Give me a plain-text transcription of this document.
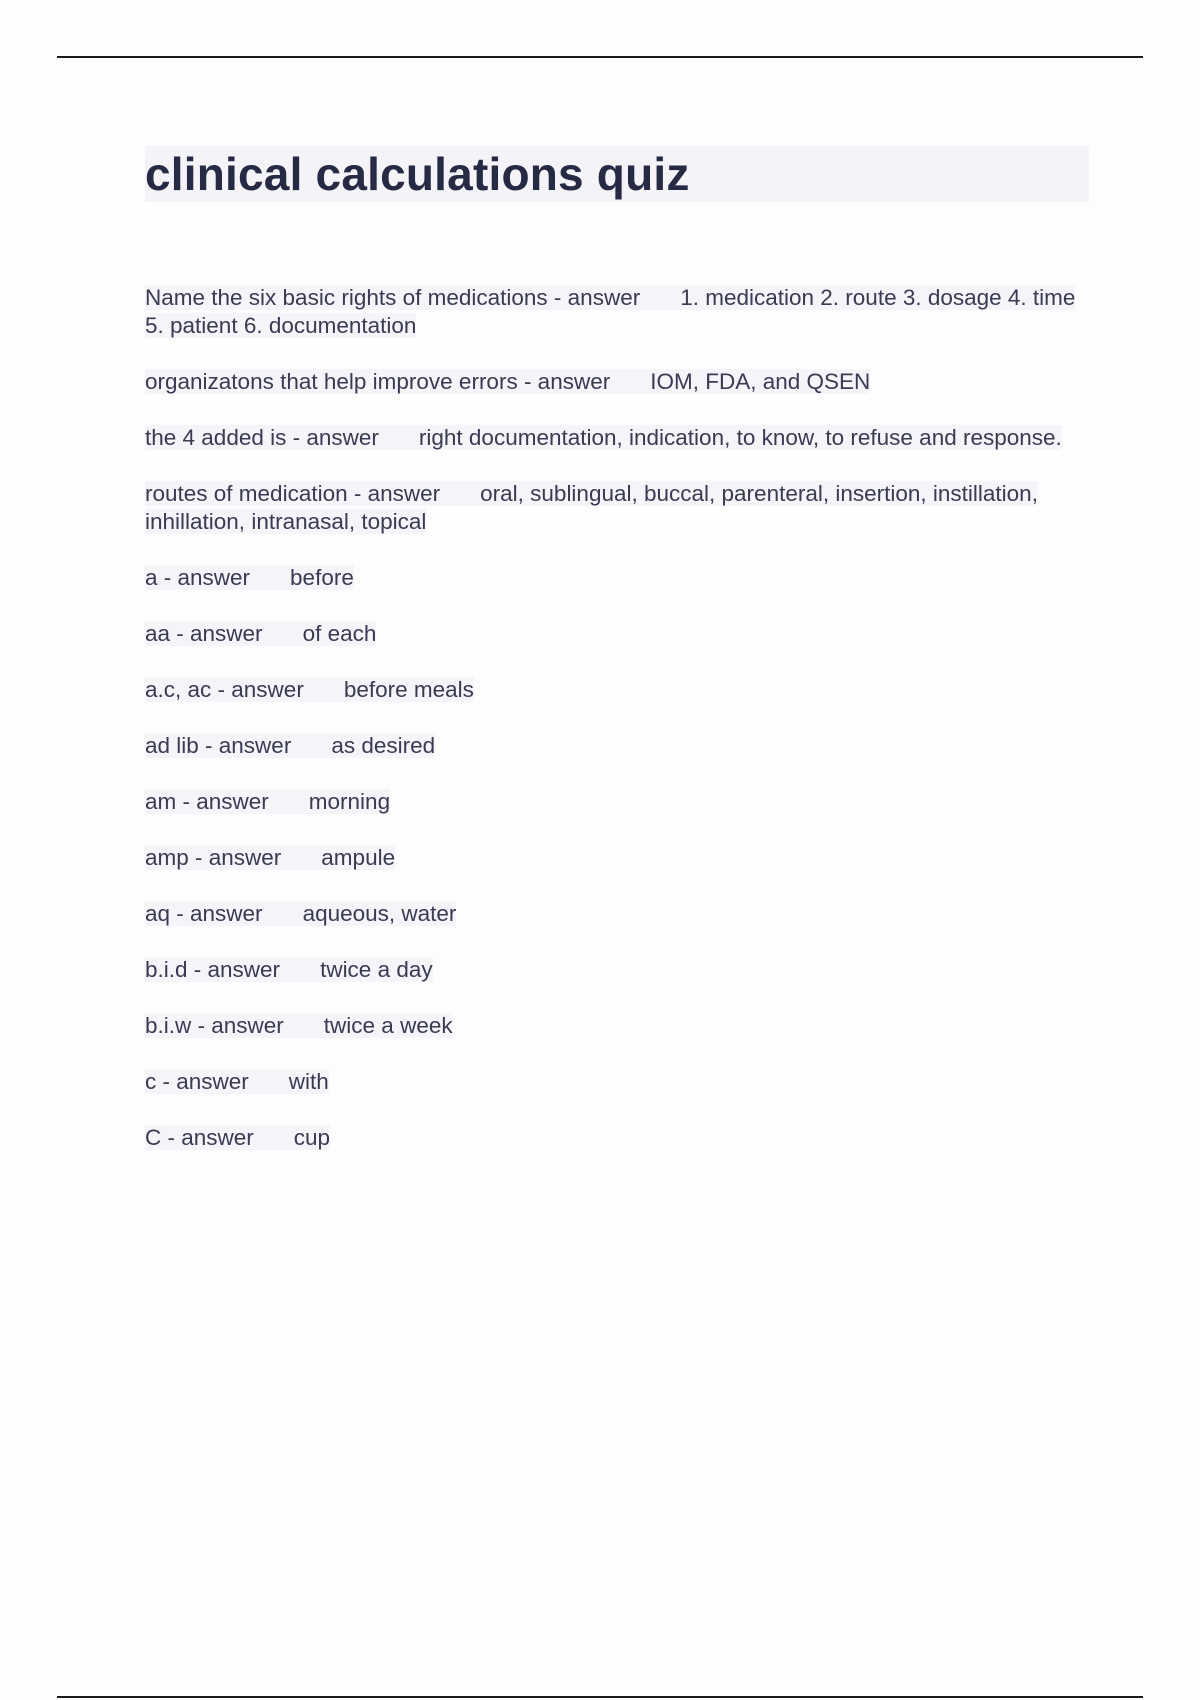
clinical calculations quiz
Name the six basic rights of medications - answer 1. medication 2. route 3. dosage 4. time 5. patient 6. documentation
organizatons that help improve errors - answer IOM, FDA, and QSEN
the 4 added is - answer right documentation, indication, to know, to refuse and response.
routes of medication - answer oral, sublingual, buccal, parenteral, insertion, instillation, inhillation, intranasal, topical
a - answer before
aa - answer of each
a.c, ac - answer before meals
ad lib - answer as desired
am - answer morning
amp - answer ampule
aq - answer aqueous, water
b.i.d - answer twice a day
b.i.w - answer twice a week
c - answer with
C - answer cup
